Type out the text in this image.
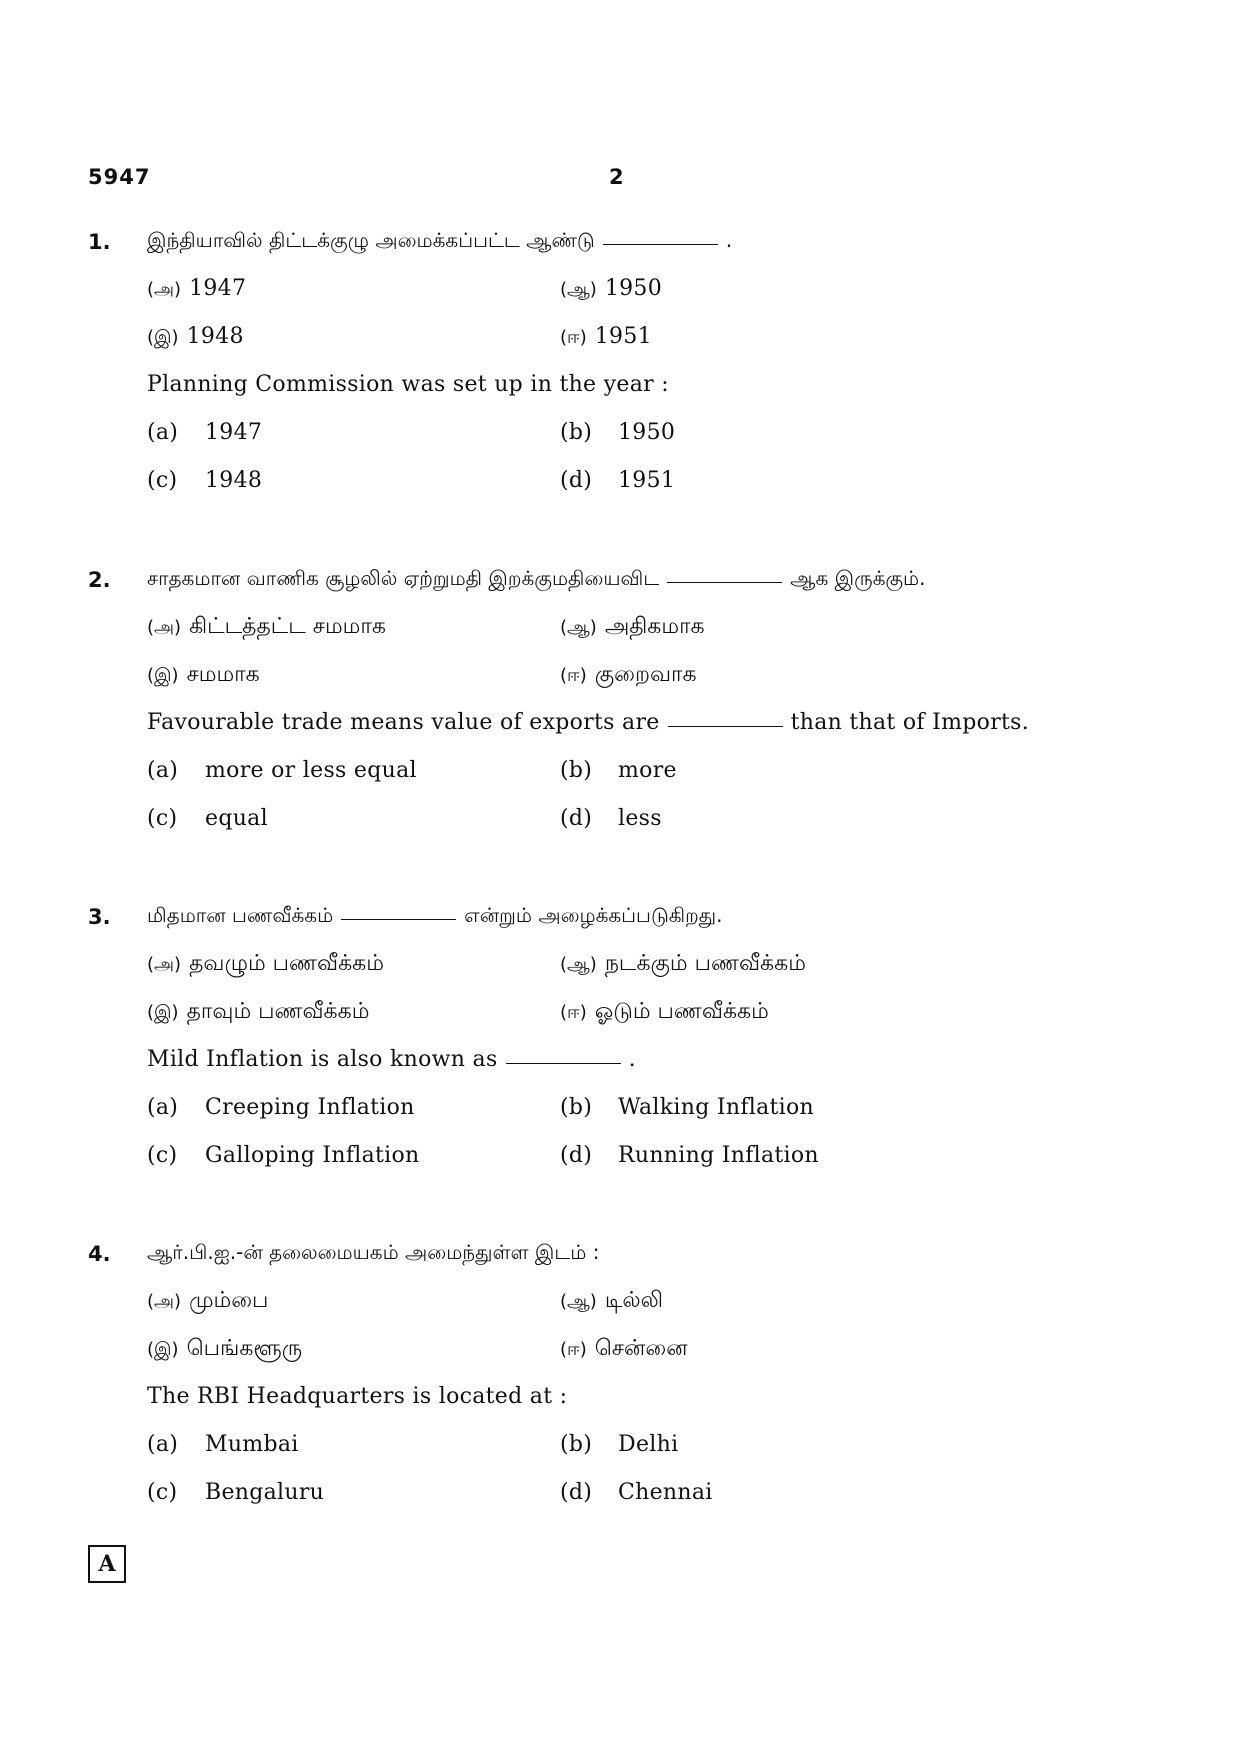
5947	2
1. இந்தியாவில் திட்டக்குழு அமைக்கப்பட்ட ஆண்டு	.
(அ) 1947	(ஆ) 1950
(இ) 1948	(ஈ) 1951
Planning Commission was set up in the year :
(a) 1947	(b) 1950
(c) 1948	(d) 1951
2. சாதகமான வாணிக சூழலில் ஏற்றுமதி இறக்குமதியைவிட	ஆக இருக்கும்.
(அ) கிட்டத்தட்ட சமமாக	(ஆ) அதிகமாக
(இ) சமமாக	(ஈ) குறைவாக
Favourable trade means value of exports are	than that of Imports.
(a) more or less equal	(b) more
(c) equal	(d) less
3. மிதமான பணவீக்கம்	என்றும் அழைக்கப்படுகிறது.
(அ) தவழும் பணவீக்கம்	(ஆ) நடக்கும் பணவீக்கம்
(இ) தாவும் பணவீக்கம்	(ஈ) ஓடும் பணவீக்கம்
Mild Inflation is also known as	.
(a) Creeping Inflation	(b) Walking Inflation
(c) Galloping Inflation	(d) Running Inflation
4. ஆர்.பி.ஐ.-ன் தலைமையகம் அமைந்துள்ள இடம் :
(அ) மும்பை	(ஆ) டில்லி
(இ) பெங்களூரு	(ஈ) சென்னை
The RBI Headquarters is located at :
(a) Mumbai	(b) Delhi
(c) Bengaluru	(d) Chennai
A
